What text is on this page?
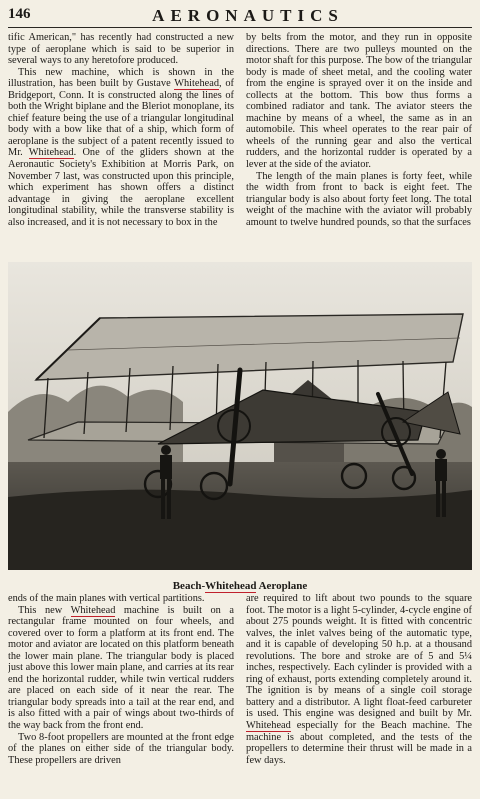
146	AERONAUTICS

tific American," has recently had constructed a new type of aeroplane which is said to be superior in several ways to any heretofore produced.

This new machine, which is shown in the illustration, has been built by Gustave Whitehead, of Bridgeport, Conn. It is constructed along the lines of both the Wright biplane and the Bleriot monoplane, its chief feature being the use of a triangular longitudinal body with a bow like that of a ship, which form of aeroplane is the subject of a patent recently issued to Mr. Whitehead. One of the gliders shown at the Aeronautic Society's Exhibition at Morris Park, on November 7 last, was constructed upon this principle, which experiment has shown offers a distinct advantage in giving the aeroplane excellent longitudinal stability, while the transverse stability is also increased, and it is not necessary to box in the

by belts from the motor, and they run in opposite directions. There are two pulleys mounted on the motor shaft for this purpose. The bow of the triangular body is made of sheet metal, and the cooling water from the engine is sprayed over it on the inside and collects at the bottom. This bow thus forms a combined radiator and tank. The aviator steers the machine by means of a wheel, the same as in an automobile. This wheel operates to the rear pair of wheels of the running gear and also the vertical rudders, and the horizontal rudder is operated by a lever at the side of the aviator.

The length of the main planes is forty feet, while the width from front to back is eight feet. The triangular body is also about forty feet long. The total weight of the machine with the aviator will probably amount to twelve hundred pounds, so that the surfaces

Beach-Whitehead Aeroplane

ends of the main planes with vertical partitions.

This new Whitehead machine is built on a rectangular frame mounted on four wheels, and covered over to form a platform at its front end. The motor and aviator are located on this platform beneath the lower main plane. The triangular body is placed just above this lower main plane, and carries at its rear end the horizontal rudder, while twin vertical rudders are placed on each side of it near the rear. The triangular body spreads into a tail at the rear end, and is also fitted with a pair of wings about two-thirds of the way back from the front end.

Two 8-foot propellers are mounted at the front edge of the planes on either side of the triangular body. These propellers are driven

are required to lift about two pounds to the square foot. The motor is a light 5-cylinder, 4-cycle engine of about 275 pounds weight. It is fitted with concentric valves, the inlet valves being of the automatic type, and it is capable of developing 50 h.p. at a thousand revolutions. The bore and stroke are of 5 and 5¼ inches, respectively. Each cylinder is provided with a ring of exhaust, ports extending completely around it. The ignition is by means of a single coil storage battery and a distributor. A light float-feed carbureter is used. This engine was designed and built by Mr. Whitehead especially for the Beach machine. The machine is about completed, and the tests of the propellers to determine their thrust will be made in a few days.
